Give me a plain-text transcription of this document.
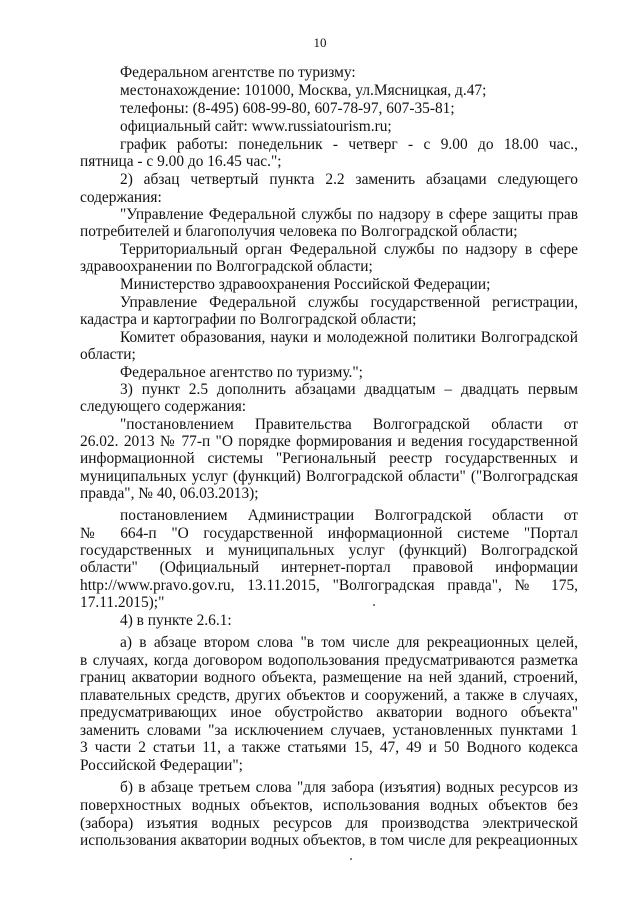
10
Федеральном агентстве по туризму:
местонахождение: 101000, Москва, ул.Мясницкая, д.47;
телефоны: (8-495) 608-99-80, 607-78-97, 607-35-81;
официальный сайт: www.russiatourism.ru;
график работы: понедельник - четверг - с 9.00 до 18.00 час.,
пятница - с 9.00 до 16.45 час.";
2) абзац четвертый пункта 2.2 заменить абзацами следующего
содержания:
"Управление Федеральной службы по надзору в сфере защиты прав
потребителей и благополучия человека по Волгоградской области;
Территориальный орган Федеральной службы по надзору в сфере
здравоохранении по Волгоградской области;
Министерство здравоохранения Российской Федерации;
Управление Федеральной службы государственной регистрации,
кадастра и картографии по Волгоградской области;
Комитет образования, науки и молодежной политики Волгоградской
области;
Федеральное агентство по туризму.";
3) пункт 2.5 дополнить абзацами двадцатым – двадцать первым
следующего содержания:
"постановлением Правительства Волгоградской области от
26.02. 2013 № 77-п "О порядке формирования и ведения государственной
информационной системы "Региональный реестр государственных и
муниципальных услуг (функций) Волгоградской области" ("Волгоградская
правда", № 40, 06.03.2013);
постановлением Администрации Волгоградской области от
№ 664-п "О государственной информационной системе "Портал
государственных и муниципальных услуг (функций) Волгоградской
области" (Официальный интернет-портал правовой информации
http://www.pravo.gov.ru, 13.11.2015, "Волгоградская правда", № 175,
17.11.2015);"
4) в пункте 2.6.1:
а) в абзаце втором слова "в том числе для рекреационных целей,
в случаях, когда договором водопользования предусматриваются разметка
границ акватории водного объекта, размещение на ней зданий, строений,
плавательных средств, других объектов и сооружений, а также в случаях,
предусматривающих иное обустройство акватории водного объекта"
заменить словами "за исключением случаев, установленных пунктами 1
3 части 2 статьи 11, а также статьями 15, 47, 49 и 50 Водного кодекса
Российской Федерации";
б) в абзаце третьем слова "для забора (изъятия) водных ресурсов из
поверхностных водных объектов, использования водных объектов без
(забора) изъятия водных ресурсов для производства электрической
использования акватории водных объектов, в том числе для рекреационных
